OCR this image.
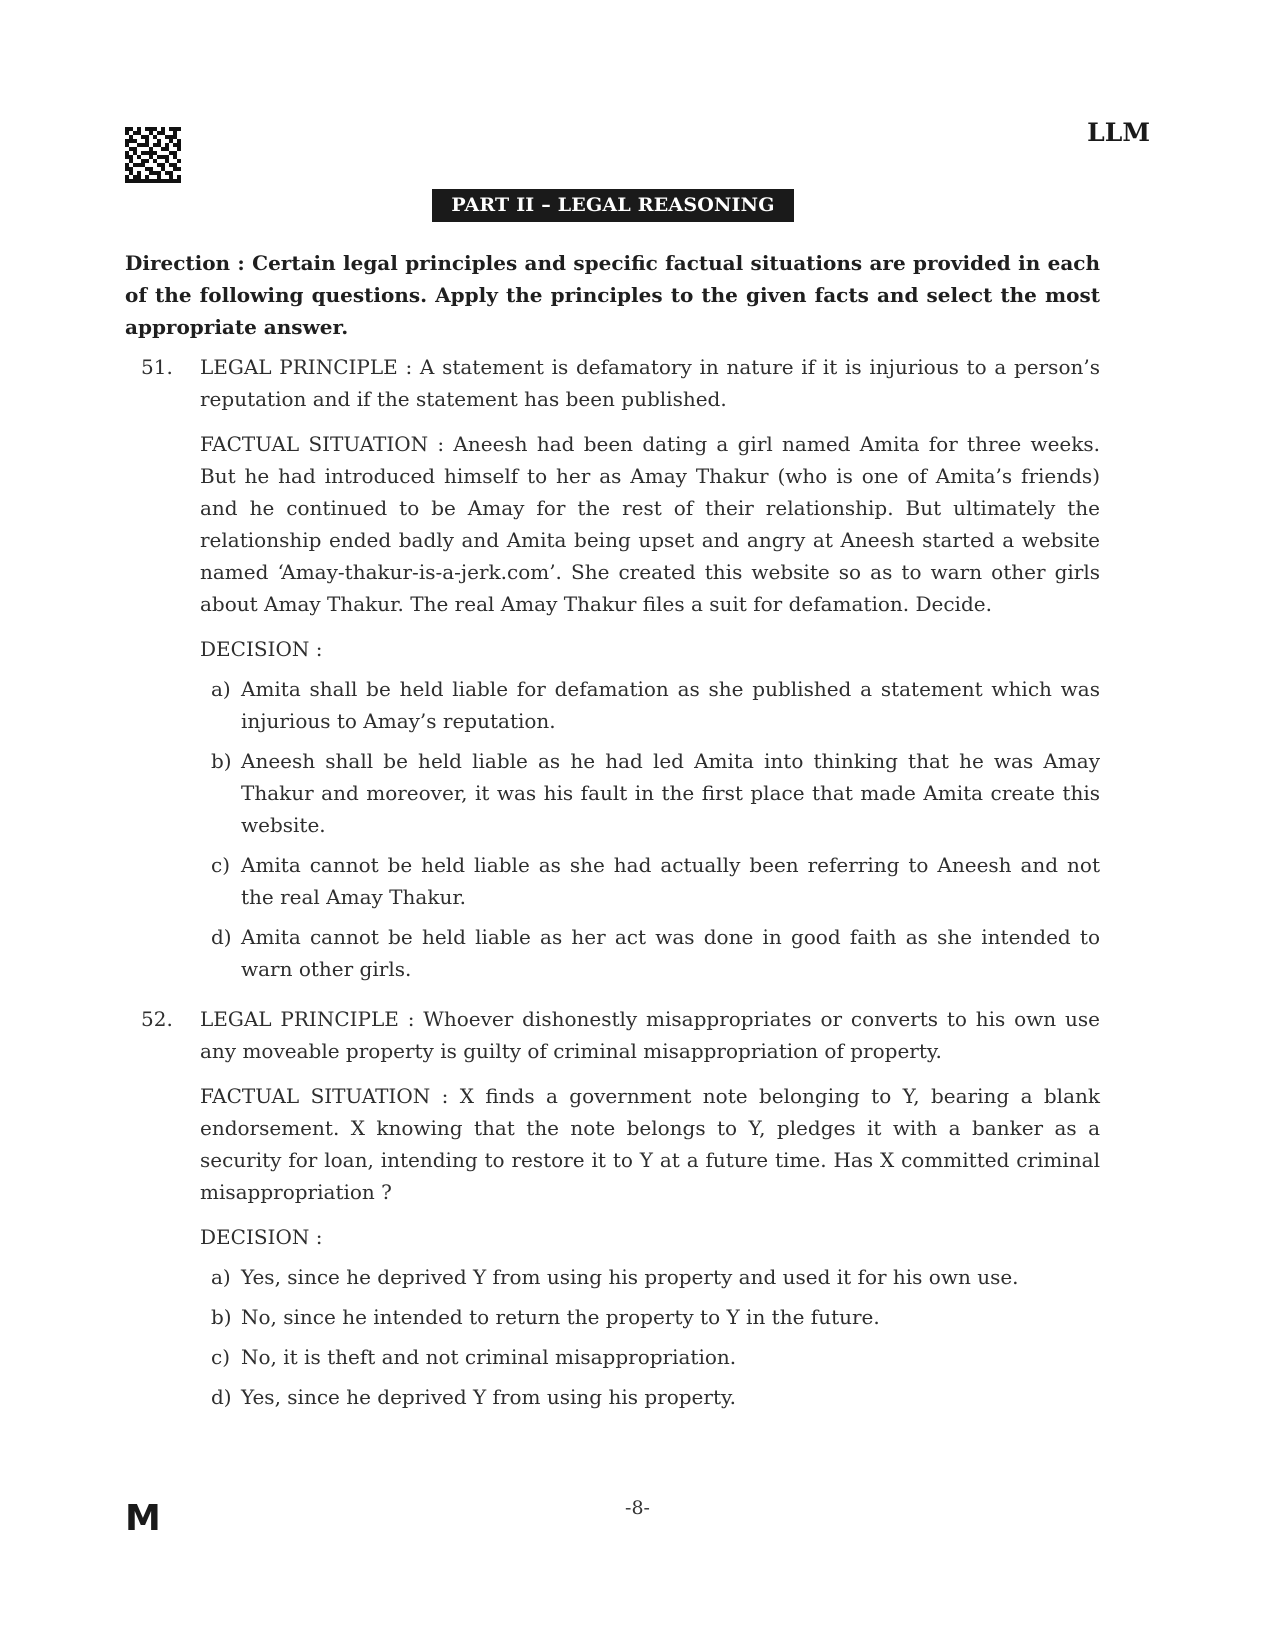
LLM
PART II – LEGAL REASONING
Direction : Certain legal principles and specific factual situations are provided in each of the following questions. Apply the principles to the given facts and select the most appropriate answer.
51. LEGAL PRINCIPLE : A statement is defamatory in nature if it is injurious to a person’s reputation and if the statement has been published.
FACTUAL SITUATION : Aneesh had been dating a girl named Amita for three weeks. But he had introduced himself to her as Amay Thakur (who is one of Amita’s friends) and he continued to be Amay for the rest of their relationship. But ultimately the relationship ended badly and Amita being upset and angry at Aneesh started a website named ‘Amay-thakur-is-a-jerk.com’. She created this website so as to warn other girls about Amay Thakur. The real Amay Thakur files a suit for defamation. Decide.
DECISION :
a) Amita shall be held liable for defamation as she published a statement which was injurious to Amay’s reputation.
b) Aneesh shall be held liable as he had led Amita into thinking that he was Amay Thakur and moreover, it was his fault in the first place that made Amita create this website.
c) Amita cannot be held liable as she had actually been referring to Aneesh and not the real Amay Thakur.
d) Amita cannot be held liable as her act was done in good faith as she intended to warn other girls.
52. LEGAL PRINCIPLE : Whoever dishonestly misappropriates or converts to his own use any moveable property is guilty of criminal misappropriation of property.
FACTUAL SITUATION : X finds a government note belonging to Y, bearing a blank endorsement. X knowing that the note belongs to Y, pledges it with a banker as a security for loan, intending to restore it to Y at a future time. Has X committed criminal misappropriation ?
DECISION :
a) Yes, since he deprived Y from using his property and used it for his own use.
b) No, since he intended to return the property to Y in the future.
c) No, it is theft and not criminal misappropriation.
d) Yes, since he deprived Y from using his property.
M	-8-
